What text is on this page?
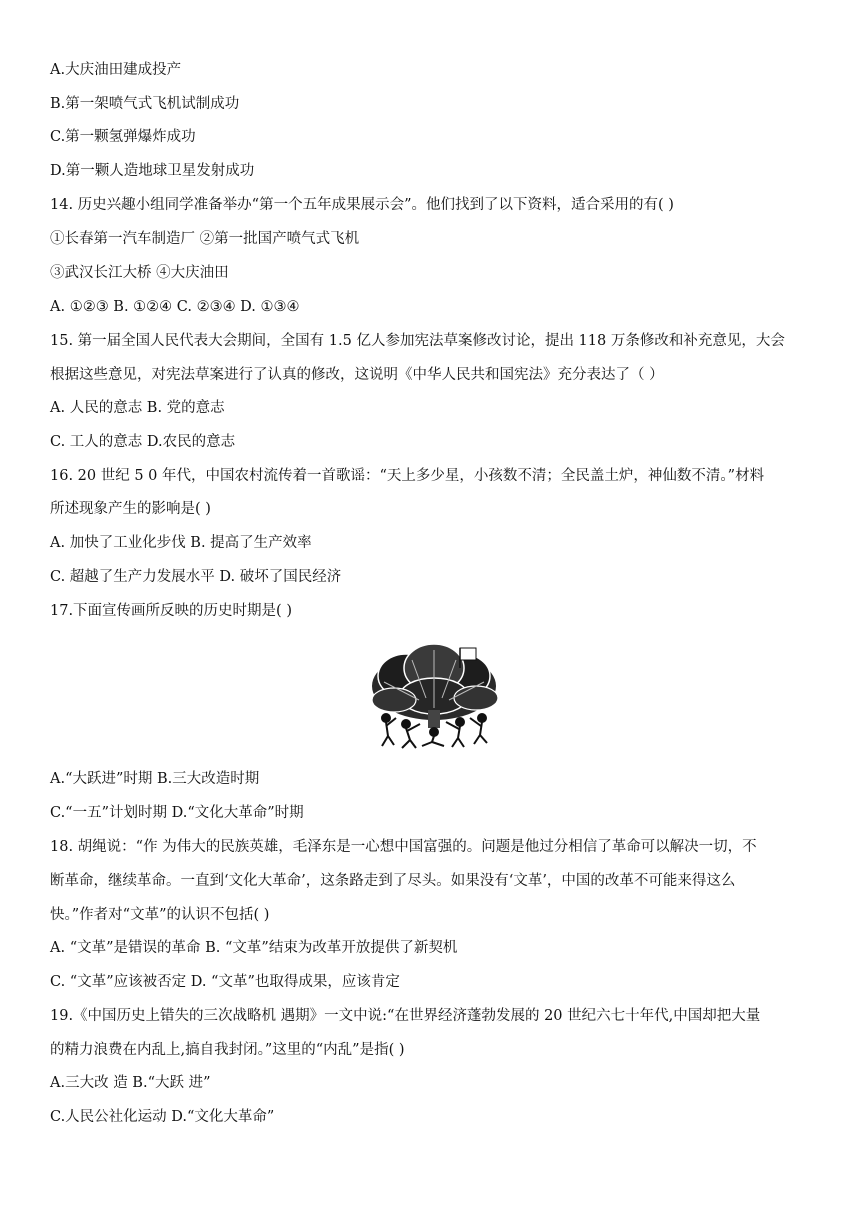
A.大庆油田建成投产
B.第一架喷气式飞机试制成功
C.第一颗氢弹爆炸成功
D.第一颗人造地球卫星发射成功
14. 历史兴趣小组同学准备举办“第一个五年成果展示会”。他们找到了以下资料，适合采用的有( )
①长春第一汽车制造厂 ②第一批国产喷气式飞机
③武汉长江大桥 ④大庆油田
A. ①②③ B. ①②④ C. ②③④ D. ①③④
15. 第一届全国人民代表大会期间，全国有 1.5 亿人参加宪法草案修改讨论，提出 118 万条修改和补充意见，大会
根据这些意见，对宪法草案进行了认真的修改，这说明《中华人民共和国宪法》充分表达了（ ）
A. 人民的意志 B. 党的意志
C. 工人的意志 D.农民的意志
16. 20 世纪 5 0 年代，中国农村流传着一首歌谣：“天上多少星，小孩数不清；全民盖土炉，神仙数不清。”材料
所述现象产生的影响是( )
A. 加快了工业化步伐 B. 提高了生产效率
C. 超越了生产力发展水平 D. 破坏了国民经济
17.下面宣传画所反映的历史时期是( )
A.“大跃进”时期 B.三大改造时期
C.“一五”计划时期 D.“文化大革命”时期
18. 胡绳说：“作 为伟大的民族英雄，毛泽东是一心想中国富强的。问题是他过分相信了革命可以解决一切，不
断革命，继续革命。一直到‘文化大革命’，这条路走到了尽头。如果没有‘文革’，中国的改革不可能来得这么
快。”作者对“文革”的认识不包括( )
A. “文革”是错误的革命 B. “文革”结束为改革开放提供了新契机
C. “文革”应该被否定 D. “文革”也取得成果，应该肯定
19.《中国历史上错失的三次战略机 遇期》一文中说:“在世界经济蓬勃发展的 20 世纪六七十年代,中国却把大量
的精力浪费在内乱上,搞自我封闭。”这里的“内乱”是指( )
A.三大改 造 B.“大跃 进”
C.人民公社化运动 D.“文化大革命”
